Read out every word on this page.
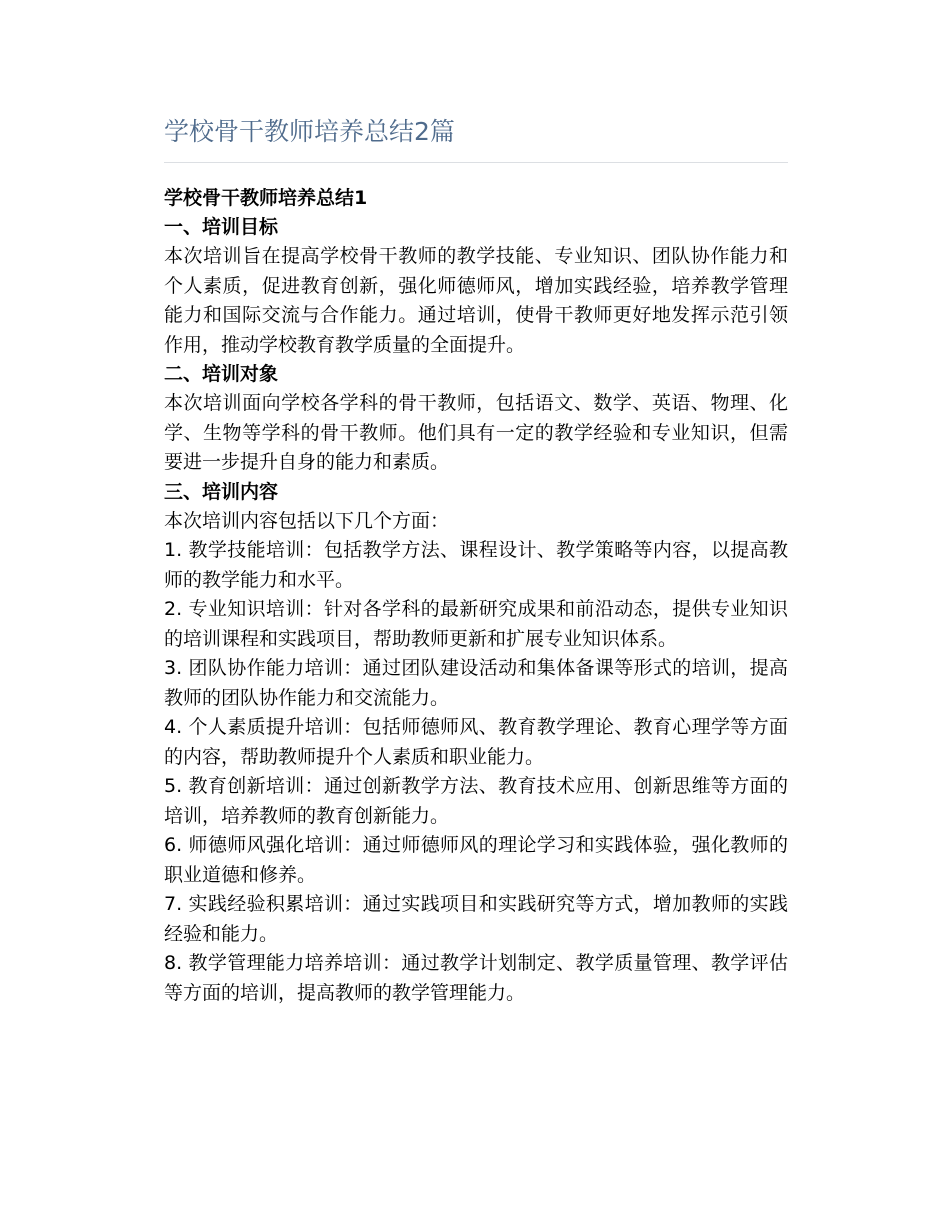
学校骨干教师培养总结2篇

学校骨干教师培养总结1

一、培训目标

本次培训旨在提高学校骨干教师的教学技能、专业知识、团队协作能力和个人素质，促进教育创新，强化师德师风，增加实践经验，培养教学管理能力和国际交流与合作能力。通过培训，使骨干教师更好地发挥示范引领作用，推动学校教育教学质量的全面提升。

二、培训对象

本次培训面向学校各学科的骨干教师，包括语文、数学、英语、物理、化学、生物等学科的骨干教师。他们具有一定的教学经验和专业知识，但需要进一步提升自身的能力和素质。

三、培训内容

本次培训内容包括以下几个方面：

1. 教学技能培训：包括教学方法、课程设计、教学策略等内容，以提高教师的教学能力和水平。

2. 专业知识培训：针对各学科的最新研究成果和前沿动态，提供专业知识的培训课程和实践项目，帮助教师更新和扩展专业知识体系。

3. 团队协作能力培训：通过团队建设活动和集体备课等形式的培训，提高教师的团队协作能力和交流能力。

4. 个人素质提升培训：包括师德师风、教育教学理论、教育心理学等方面的内容，帮助教师提升个人素质和职业能力。

5. 教育创新培训：通过创新教学方法、教育技术应用、创新思维等方面的培训，培养教师的教育创新能力。

6. 师德师风强化培训：通过师德师风的理论学习和实践体验，强化教师的职业道德和修养。

7. 实践经验积累培训：通过实践项目和实践研究等方式，增加教师的实践经验和能力。

8. 教学管理能力培养培训：通过教学计划制定、教学质量管理、教学评估等方面的培训，提高教师的教学管理能力。
